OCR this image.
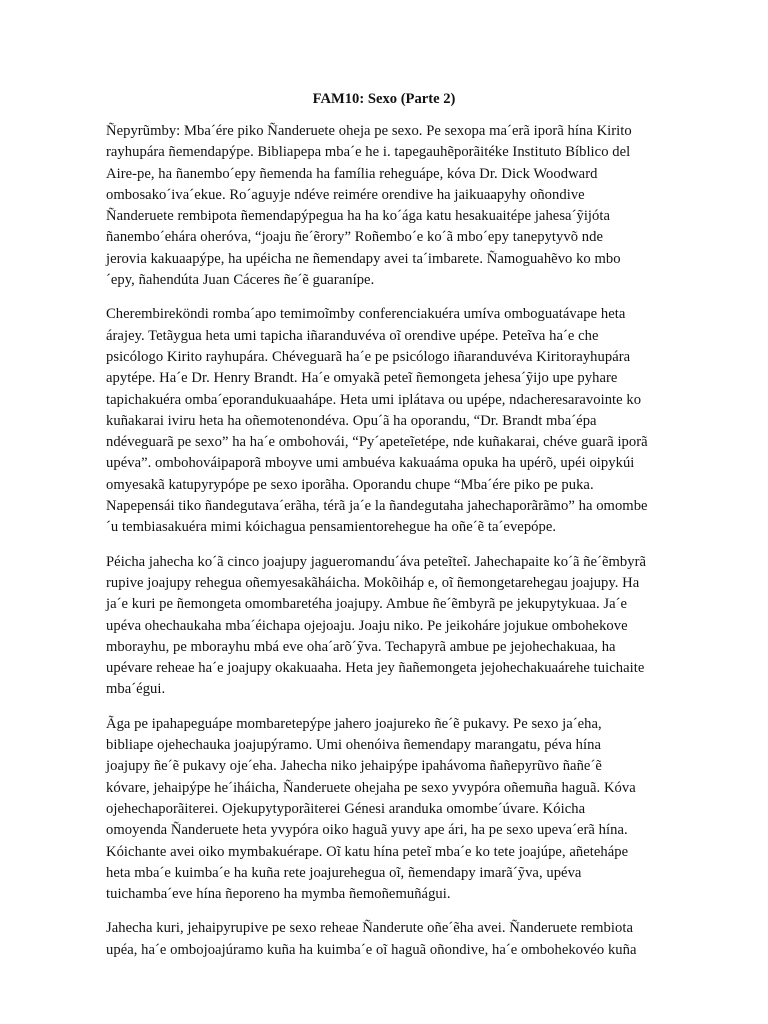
FAM10: Sexo (Parte 2)

Ñepyrũmby: Mba´ére piko Ñanderuete oheja pe sexo. Pe sexopa ma´erã iporã hína Kirito
rayhupára ñemendapýpe. Bibliapepa mba´e he i. tapegauhẽporãitéke Instituto Bíblico del
Aire-pe, ha ñanembo´epy ñemenda ha família reheguápe, kóva Dr. Dick Woodward
ombosako´iva´ekue. Ro´aguyje ndéve reimére orendive ha jaikuaapyhy oñondive
Ñanderuete rembipota ñemendapýpegua ha ha ko´ága katu hesakuaitépe jahesa´ỹijóta
ñanembo´ehára oheróva, “joaju ñe´ẽrory” Roñembo´e ko´ã mbo´epy tanepytyvõ nde
jerovia kakuaapýpe, ha upéicha ne ñemendapy avei ta´imbarete. Ñamoguahẽvo ko mbo
´epy, ñahendúta Juan Cáceres ñe´ẽ guaranípe.

Cherembireköndi romba´apo temimoĩmby conferenciakuéra umíva omboguatávape heta
árajey. Tetãygua heta umi tapicha iñaranduvéva oĩ orendive upépe. Peteĩva ha´e che
psicólogo Kirito rayhupára. Chéveguarã ha´e pe psicólogo iñaranduvéva Kiritorayhupára
apytépe. Ha´e Dr. Henry Brandt. Ha´e omyakã peteĩ ñemongeta jehesa´ỹijo upe pyhare
tapichakuéra omba´eporandukuaahápe. Heta umi iplátava ou upépe, ndacheresaravointe ko
kuñakarai iviru heta ha oñemotenondéva. Opu´ã ha oporandu, “Dr. Brandt mba´épa
ndéveguarã pe sexo” ha ha´e ombohovái, “Py´apeteĩetépe, nde kuñakarai, chéve guarã iporã
upéva”. ombohováipaporã mboyve umi ambuéva kakuaáma opuka ha upérõ, upéi oipykúi
omyesakã katupyrypópe pe sexo iporãha. Oporandu chupe “Mba´ére piko pe puka.
Napepensái tiko ñandegutava´erãha, térã ja´e la ñandegutaha jahechaporãrãmo” ha omombe
´u tembiasakuéra mimi kóichagua pensamientorehegue ha oñe´ẽ ta´evepópe.

Péicha jahecha ko´ã cinco joajupy jagueromandu´áva peteĩteĩ. Jahechapaite ko´ã ñe´ẽmbyrã
rupive joajupy rehegua oñemyesakãháicha. Mokõiháp e, oĩ ñemongetarehegau joajupy. Ha
ja´e kuri pe ñemongeta omombaretéha joajupy. Ambue ñe´ẽmbyrã pe jekupytykuaa. Ja´e
upéva ohechaukaha mba´éichapa ojejoaju. Joaju niko. Pe jeikoháre jojukue ombohekove
mborayhu, pe mborayhu mbá eve oha´arõ´ỹva. Techapyrã ambue pe jejohechakuaa, ha
upévare reheae ha´e joajupy okakuaaha. Heta jey ñañemongeta jejohechakuaárehe tuichaite
mba´égui.

Ãga pe ipahapeguápe mombaretepýpe jahero joajureko ñe´ẽ pukavy. Pe sexo ja´eha,
bibliape ojehechauka joajupýramo. Umi ohenóiva ñemendapy marangatu, péva hína
joajupy ñe´ẽ pukavy oje´eha. Jahecha niko jehaipýpe ipahávoma ñañepyrũvo ñañe´ẽ
kóvare, jehaipýpe he´iháicha, Ñanderuete ohejaha pe sexo yvypóra oñemuña haguã. Kóva
ojehechaporãiterei. Ojekupytyporãiterei Génesi aranduka omombe´úvare. Kóicha
omoyenda Ñanderuete heta yvypóra oiko haguã yuvy ape ári, ha pe sexo upeva´erã hína.
Kóichante avei oiko mymbakuérape. Oĩ katu hína peteĩ mba´e ko tete joajúpe, añeteháре
heta mba´e kuimba´e ha kuña rete joajurehegua oĩ, ñemendapy imarã´ỹva, upéva
tuichamba´eve hína ñeporeno ha mymba ñemoñemuñágui.

Jahecha kuri, jehaipyrupive pe sexo reheae Ñanderute oñe´ẽha avei. Ñanderuete rembiota
upéa, ha´e ombojoajúramo kuña ha kuimba´e oĩ haguã oñondive, ha´e ombohekovéo kuña
